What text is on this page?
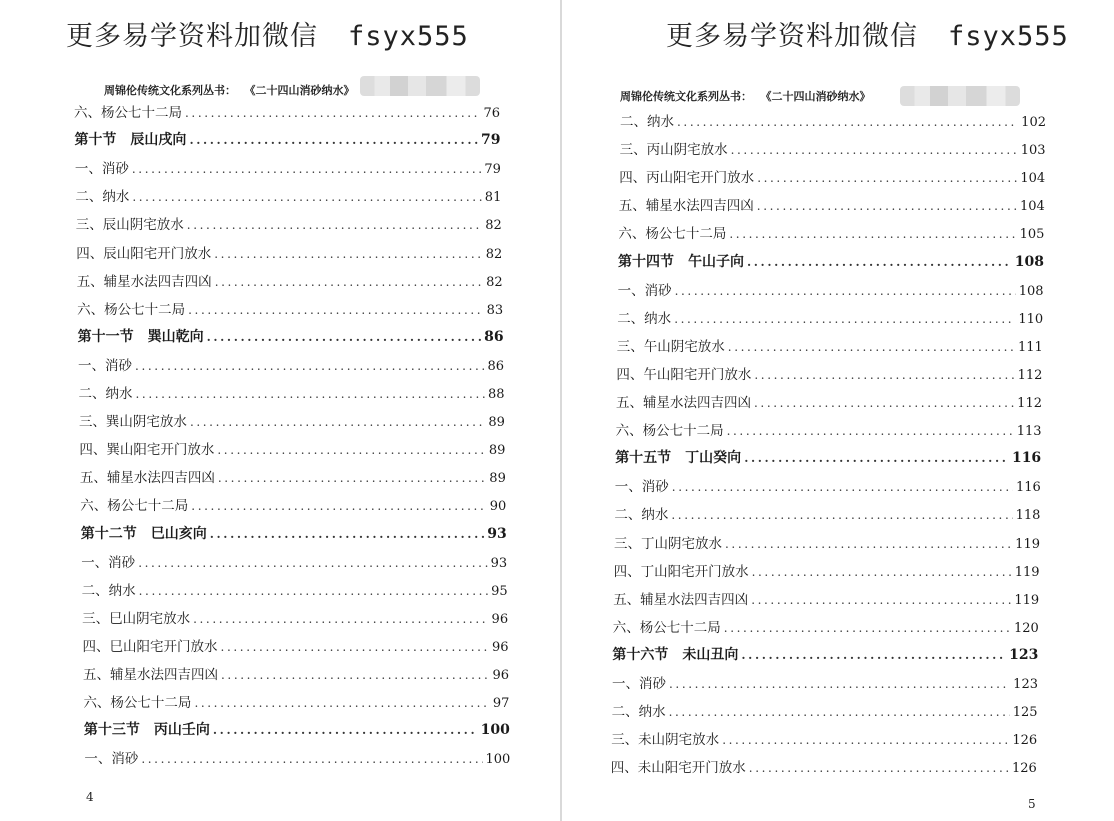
更多易学资料加微信 fsyx555
周锦伦传统文化系列丛书： 《二十四山消砂纳水》
六、杨公七十二局 .....	76
第十节　辰山戌向 .....	79
一、消砂 .....	79
二、纳水 .....	81
三、辰山阴宅放水 .....	82
四、辰山阳宅开门放水 .....	82
五、辅星水法四吉四凶 .....	82
六、杨公七十二局 .....	83
第十一节　巽山乾向 .....	86
一、消砂 .....	86
二、纳水 .....	88
三、巽山阴宅放水 .....	89
四、巽山阳宅开门放水 .....	89
五、辅星水法四吉四凶 .....	89
六、杨公七十二局 .....	90
第十二节　巳山亥向 .....	93
一、消砂 .....	93
二、纳水 .....	95
三、巳山阴宅放水 .....	96
四、巳山阳宅开门放水 .....	96
五、辅星水法四吉四凶 .....	96
六、杨公七十二局 .....	97
第十三节　丙山壬向 .....	100
一、消砂 .....	100
4
更多易学资料加微信 fsyx555
周锦伦传统文化系列丛书： 《二十四山消砂纳水》
二、纳水 .....	102
三、丙山阴宅放水 .....	103
四、丙山阳宅开门放水 .....	104
五、辅星水法四吉四凶 .....	104
六、杨公七十二局 .....	105
第十四节　午山子向 .....	108
一、消砂 .....	108
二、纳水 .....	110
三、午山阴宅放水 .....	111
四、午山阳宅开门放水 .....	112
五、辅星水法四吉四凶 .....	112
六、杨公七十二局 .....	113
第十五节　丁山癸向 .....	116
一、消砂 .....	116
二、纳水 .....	118
三、丁山阴宅放水 .....	119
四、丁山阳宅开门放水 .....	119
五、辅星水法四吉四凶 .....	119
六、杨公七十二局 .....	120
第十六节　未山丑向 .....	123
一、消砂 .....	123
二、纳水 .....	125
三、未山阴宅放水 .....	126
四、未山阳宅开门放水 .....	126
5
